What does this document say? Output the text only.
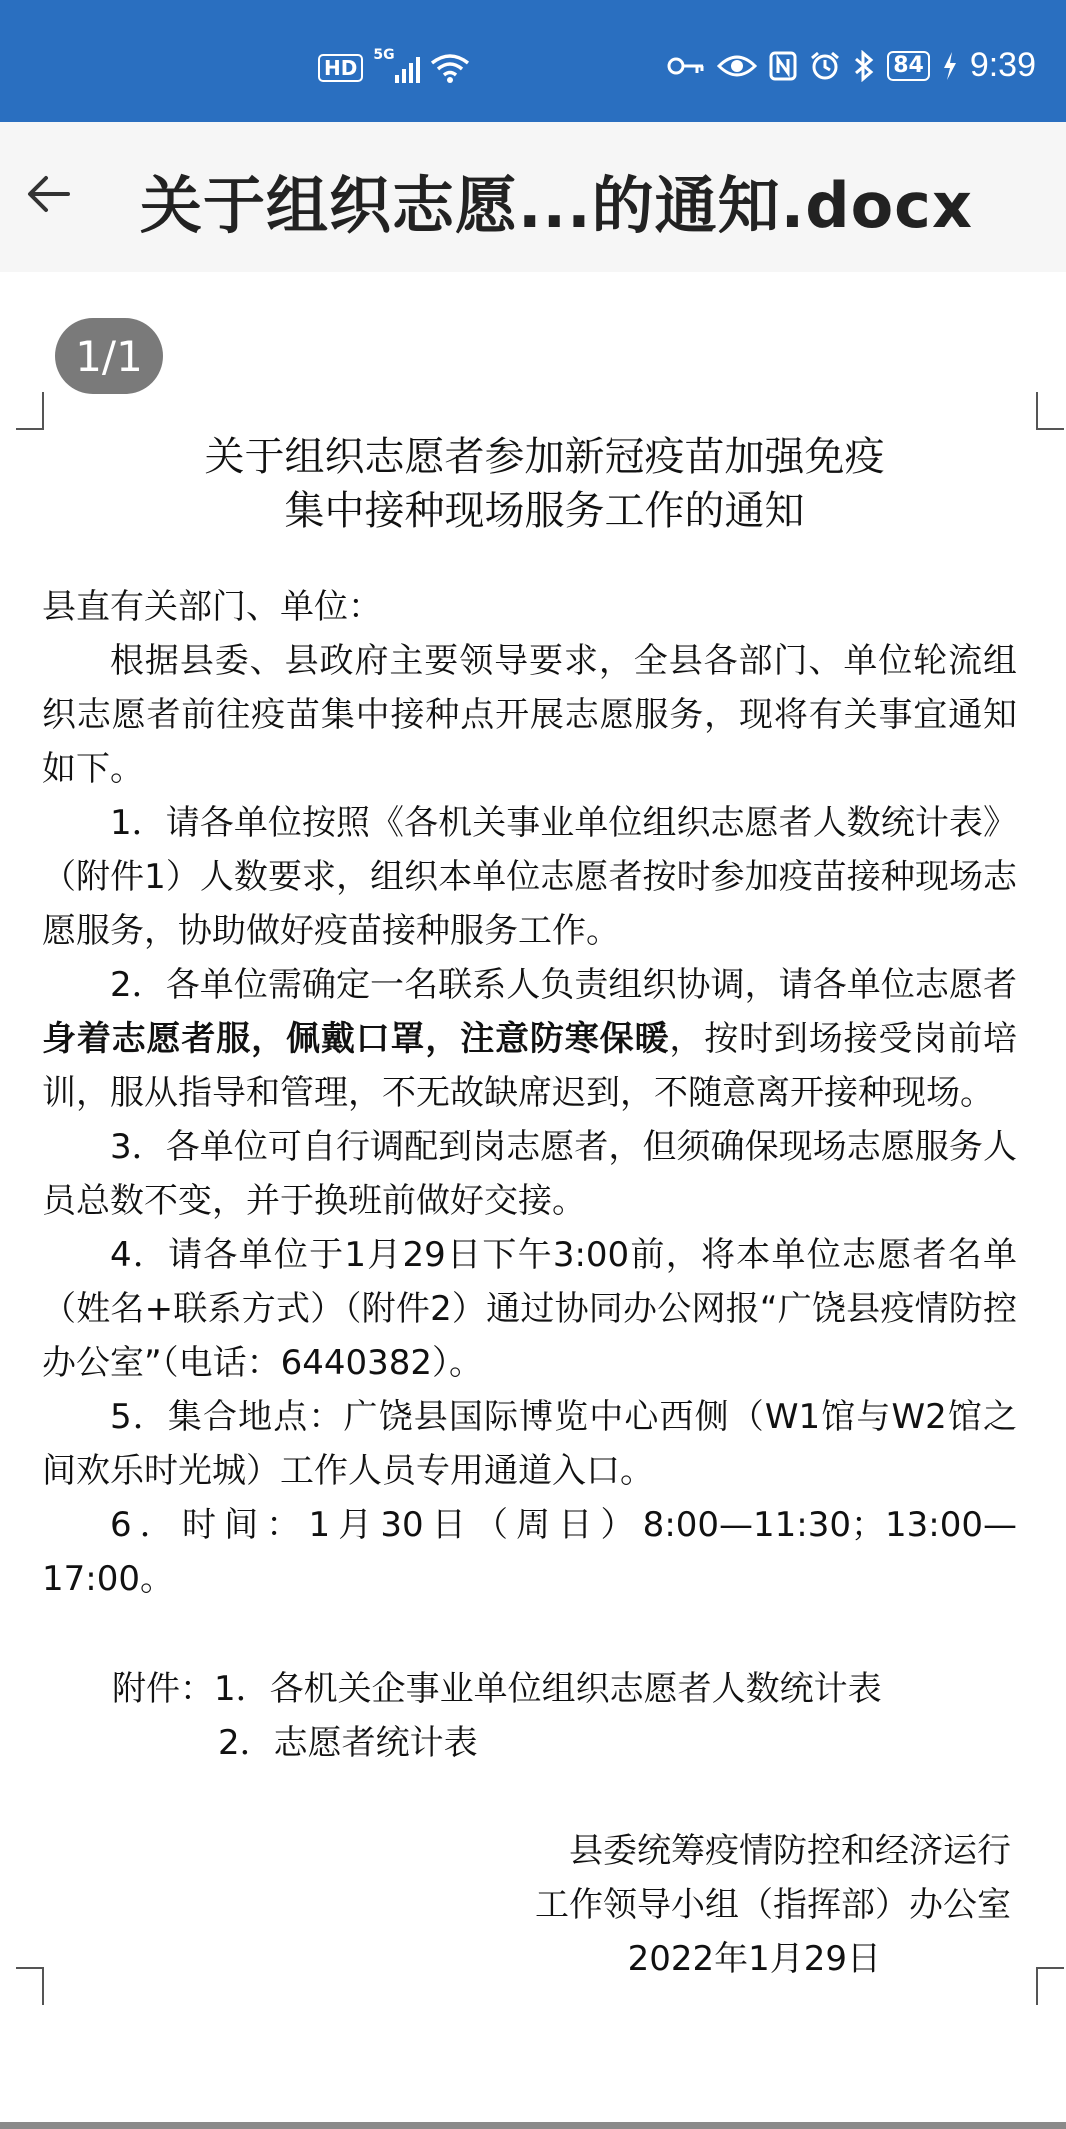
HD
5G	84 9:39
关于组织志愿...的通知.docx
1/1
关于组织志愿者参加新冠疫苗加强免疫
集中接种现场服务工作的通知

县直有关部门、单位：

根据县委、县政府主要领导要求，全县各部门、单位轮流组织志愿者前往疫苗集中接种点开展志愿服务，现将有关事宜通知如下。

1．请各单位按照《各机关事业单位组织志愿者人数统计表》（附件1）人数要求，组织本单位志愿者按时参加疫苗接种现场志愿服务，协助做好疫苗接种服务工作。

2．各单位需确定一名联系人负责组织协调，请各单位志愿者身着志愿者服，佩戴口罩，注意防寒保暖，按时到场接受岗前培训，服从指导和管理，不无故缺席迟到，不随意离开接种现场。

3．各单位可自行调配到岗志愿者，但须确保现场志愿服务人员总数不变，并于换班前做好交接。

4．请各单位于1月29日下午3:00前，将本单位志愿者名单（姓名+联系方式）（附件2）通过协同办公网报“广饶县疫情防控办公室”（电话：6440382）。

5．集合地点：广饶县国际博览中心西侧（W1馆与W2馆之间欢乐时光城）工作人员专用通道入口。

6．时间：1月30日（周日）8:00—11:30；13:00—17:00。

附件：1．各机关企事业单位组织志愿者人数统计表
2．志愿者统计表
县委统筹疫情防控和经济运行
工作领导小组（指挥部）办公室
2022年1月29日
